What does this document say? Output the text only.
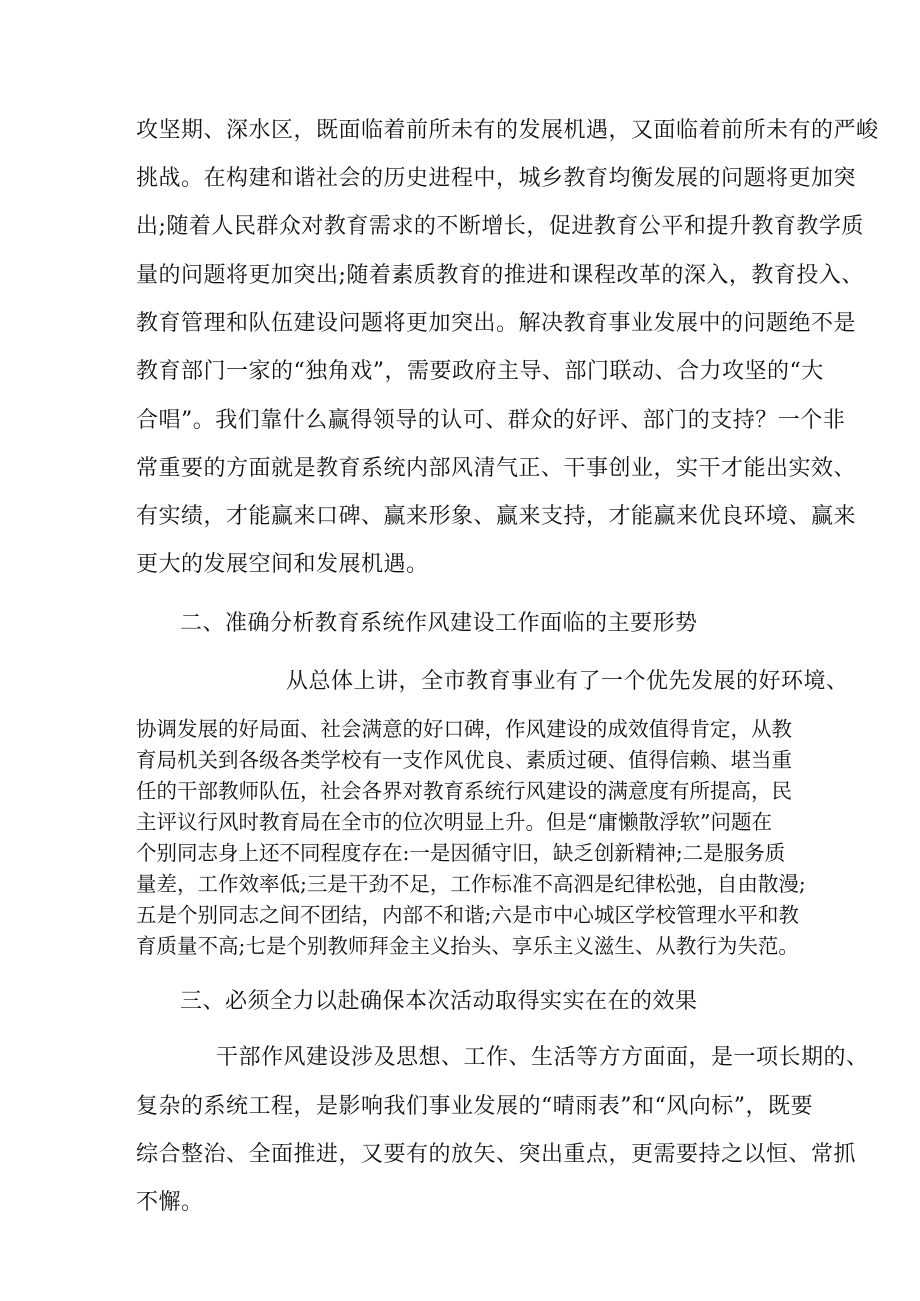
攻坚期、深水区，既面临着前所未有的发展机遇，又面临着前所未有的严峻
挑战。在构建和谐社会的历史进程中，城乡教育均衡发展的问题将更加突
出;随着人民群众对教育需求的不断增长，促进教育公平和提升教育教学质
量的问题将更加突出;随着素质教育的推进和课程改革的深入，教育投入、
教育管理和队伍建设问题将更加突出。解决教育事业发展中的问题绝不是
教育部门一家的“独角戏”，需要政府主导、部门联动、合力攻坚的“大
合唱”。我们靠什么赢得领导的认可、群众的好评、部门的支持？一个非
常重要的方面就是教育系统内部风清气正、干事创业，实干才能出实效、
有实绩，才能赢来口碑、赢来形象、赢来支持，才能赢来优良环境、赢来
更大的发展空间和发展机遇。
二、准确分析教育系统作风建设工作面临的主要形势
从总体上讲，全市教育事业有了一个优先发展的好环境、
协调发展的好局面、社会满意的好口碑，作风建设的成效值得肯定，从教
育局机关到各级各类学校有一支作风优良、素质过硬、值得信赖、堪当重
任的干部教师队伍，社会各界对教育系统行风建设的满意度有所提高，民
主评议行风时教育局在全市的位次明显上升。但是“庸懒散浮软”问题在
个别同志身上还不同程度存在:一是因循守旧，缺乏创新精神;二是服务质
量差，工作效率低;三是干劲不足，工作标准不高泗是纪律松弛，自由散漫;
五是个别同志之间不团结，内部不和谐;六是市中心城区学校管理水平和教
育质量不高;七是个别教师拜金主义抬头、享乐主义滋生、从教行为失范。
三、必须全力以赴确保本次活动取得实实在在的效果
干部作风建设涉及思想、工作、生活等方方面面，是一项长期的、
复杂的系统工程，是影响我们事业发展的“晴雨表”和“风向标”，既要
综合整治、全面推进，又要有的放矢、突出重点，更需要持之以恒、常抓
不懈。
